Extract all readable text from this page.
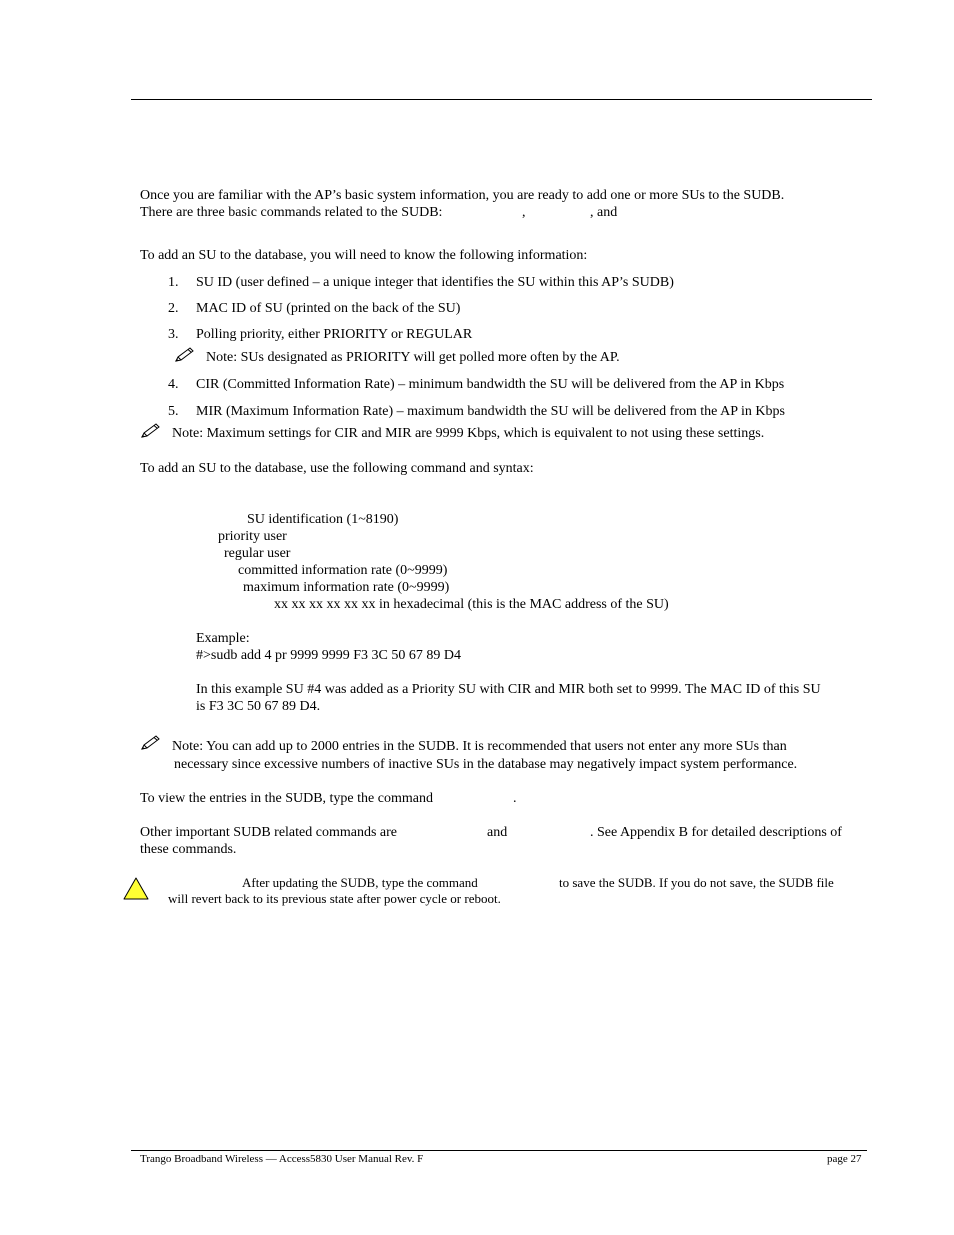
Once you are familiar with the AP’s basic system information, you are ready to add one or more SUs to the SUDB.
There are three basic commands related to the SUDB:	,	, and
To add an SU to the database, you will need to know the following information:
1.	SU ID (user defined – a unique integer that identifies the SU within this AP’s SUDB)
2.	MAC ID of SU (printed on the back of the SU)
3.	Polling priority, either PRIORITY or REGULAR
Note: SUs designated as PRIORITY will get polled more often by the AP.
4.	CIR (Committed Information Rate) – minimum bandwidth the SU will be delivered from the AP in Kbps
5.	MIR (Maximum Information Rate) – maximum bandwidth the SU will be delivered from the AP in Kbps
Note: Maximum settings for CIR and MIR are 9999 Kbps, which is equivalent to not using these settings.
To add an SU to the database, use the following command and syntax:
SU identification (1~8190)
priority user
regular user
committed information rate (0~9999)
maximum information rate (0~9999)
xx xx xx xx xx xx in hexadecimal (this is the MAC address of the SU)
Example:
#>sudb add 4 pr 9999 9999 F3 3C 50 67 89 D4
In this example SU #4 was added as a Priority SU with CIR and MIR both set to 9999. The MAC ID of this SU
is F3 3C 50 67 89 D4.
Note: You can add up to 2000 entries in the SUDB. It is recommended that users not enter any more SUs than
necessary since excessive numbers of inactive SUs in the database may negatively impact system performance.
To view the entries in the SUDB, type the command	.
Other important SUDB related commands are	and	. See Appendix B for detailed descriptions of
these commands.
After updating the SUDB, type the command	to save the SUDB. If you do not save, the SUDB file
will revert back to its previous state after power cycle or reboot.
Trango Broadband Wireless — Access5830 User Manual Rev. F	page 27
